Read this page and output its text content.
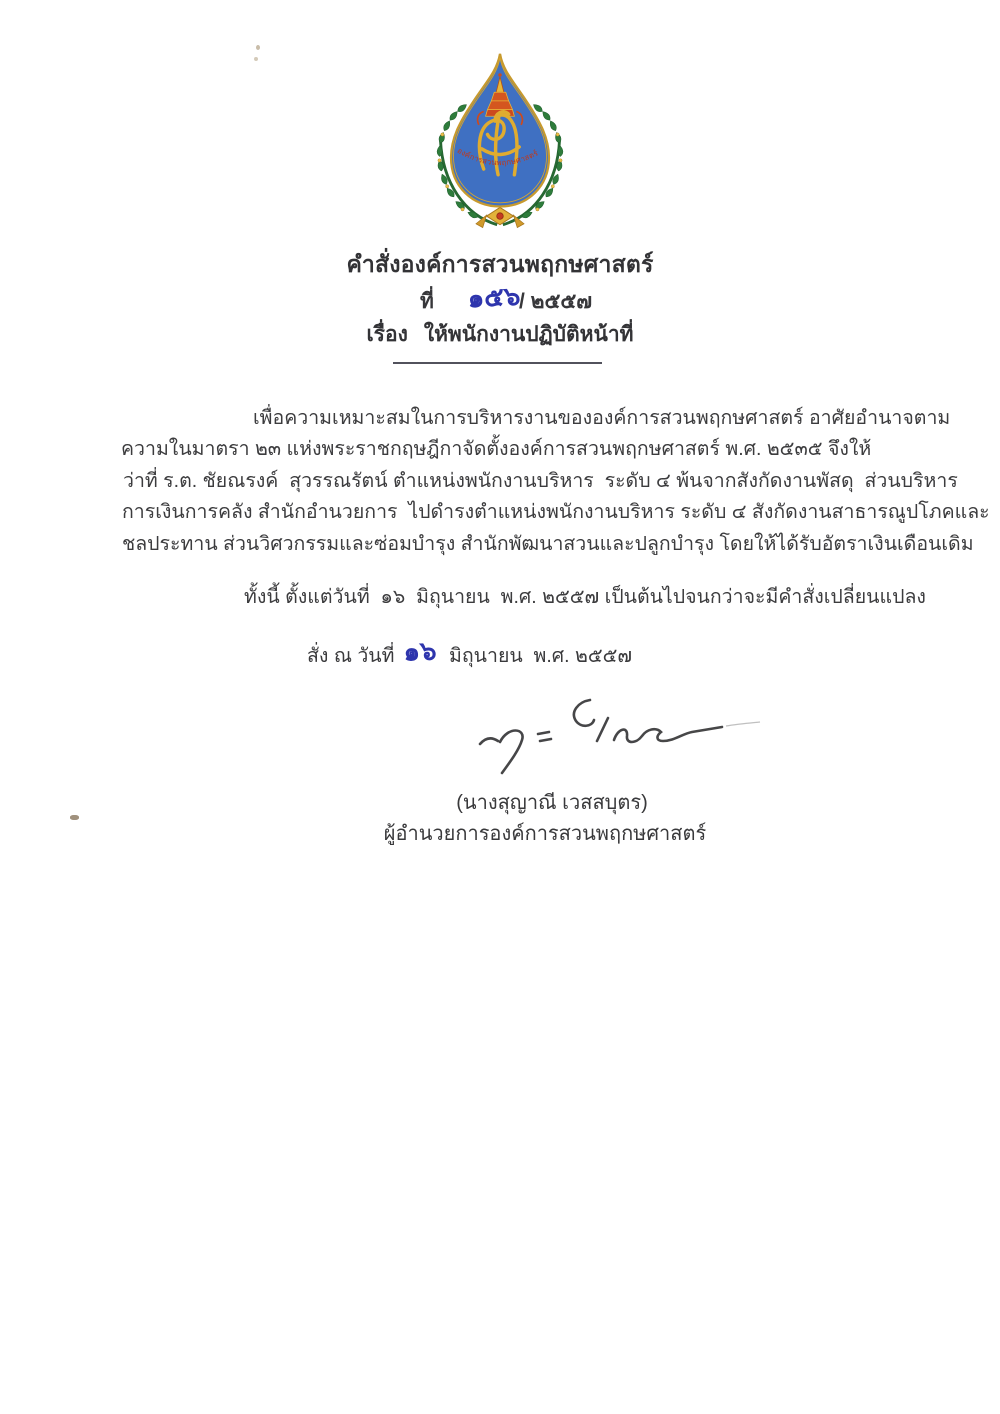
องค์การสวนพฤกษศาสตร์
คำสั่งองค์การสวนพฤกษศาสตร์
ที่ ๑๕๖
/ ๒๕๕๗
เรื่อง ให้พนักงานปฏิบัติหน้าที่
เพื่อความเหมาะสมในการบริหารงานขององค์การสวนพฤกษศาสตร์ อาศัยอำนาจตาม
ความในมาตรา ๒๓ แห่งพระราชกฤษฎีกาจัดตั้งองค์การสวนพฤกษศาสตร์ พ.ศ. ๒๕๓๕ จึงให้
ว่าที่ ร.ต. ชัยณรงค์  สุวรรณรัตน์ ตำแหน่งพนักงานบริหาร  ระดับ ๔ พ้นจากสังกัดงานพัสดุ  ส่วนบริหาร
การเงินการคลัง สำนักอำนวยการ  ไปดำรงตำแหน่งพนักงานบริหาร ระดับ ๔ สังกัดงานสาธารณูปโภคและ
ชลประทาน ส่วนวิศวกรรมและซ่อมบำรุง สำนักพัฒนาสวนและปลูกบำรุง โดยให้ได้รับอัตราเงินเดือนเดิม
ทั้งนี้ ตั้งแต่วันที่  ๑๖  มิถุนายน  พ.ศ. ๒๕๕๗ เป็นต้นไปจนกว่าจะมีคำสั่งเปลี่ยนแปลง
สั่ง ณ วันที่ ๑๖ มิถุนายน  พ.ศ. ๒๕๕๗
(นางสุญาณี เวสสบุตร)
ผู้อำนวยการองค์การสวนพฤกษศาสตร์
